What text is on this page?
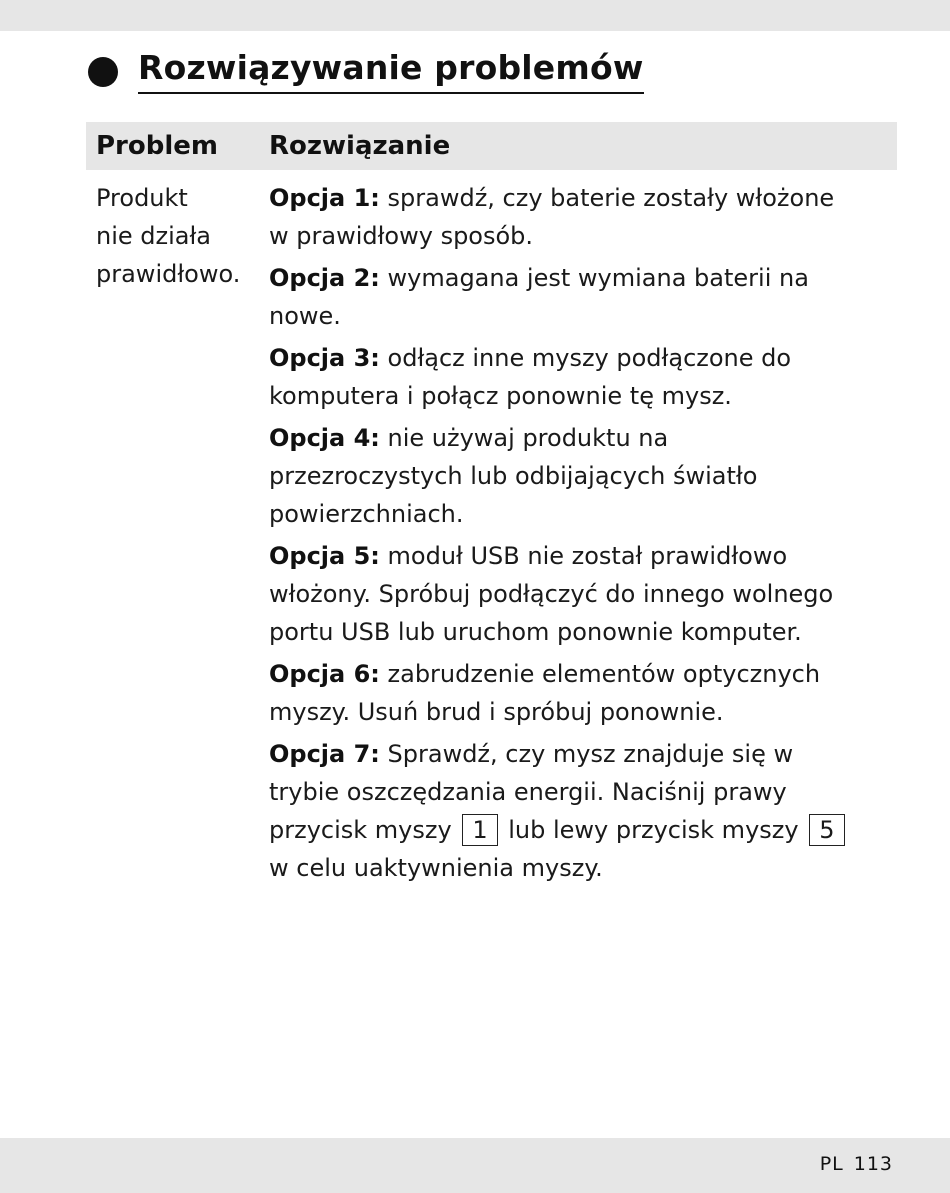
Rozwiązywanie problemów
Problem Rozwiązanie
Produkt
nie działa
prawidłowo.
Opcja 1: sprawdź, czy baterie zostały włożone
w prawidłowy sposób.
Opcja 2: wymagana jest wymiana baterii na
nowe.
Opcja 3: odłącz inne myszy podłączone do
komputera i połącz ponownie tę mysz.
Opcja 4: nie używaj produktu na
przezroczystych lub odbijających światło
powierzchniach.
Opcja 5: moduł USB nie został prawidłowo
włożony. Spróbuj podłączyć do innego wolnego
portu USB lub uruchom ponownie komputer.
Opcja 6: zabrudzenie elementów optycznych
myszy. Usuń brud i spróbuj ponownie.
Opcja 7: Sprawdź, czy mysz znajduje się w
trybie oszczędzania energii. Naciśnij prawy
przycisk myszy 1 lub lewy przycisk myszy 5
w celu uaktywnienia myszy.
PL 113
